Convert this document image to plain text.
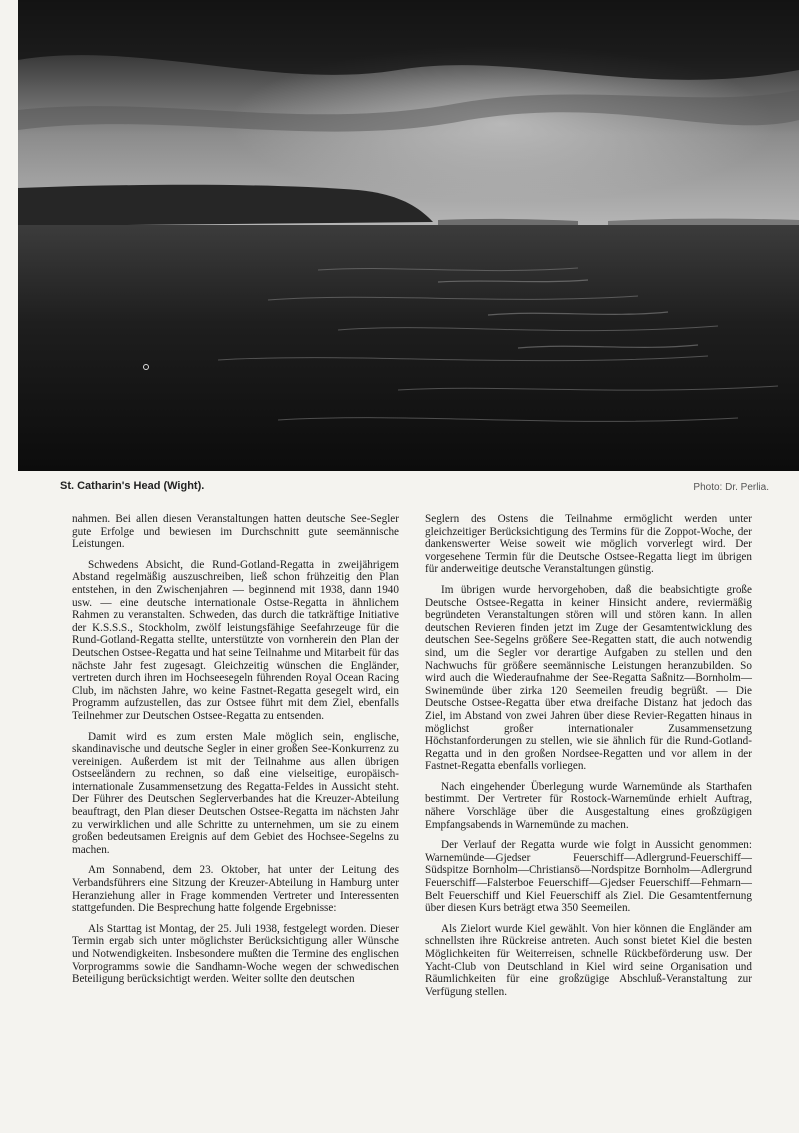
St. Catharin's Head (Wight).	Photo: Dr. Perlia.

nahmen. Bei allen diesen Veranstaltungen hatten deutsche See-Segler gute Erfolge und bewiesen im Durchschnitt gute seemännische Leistungen.

Schwedens Absicht, die Rund-Gotland-Regatta in zweijährigem Abstand regelmäßig auszuschreiben, ließ schon frühzeitig den Plan entstehen, in den Zwischenjahren — beginnend mit 1938, dann 1940 usw. — eine deutsche internationale Ostse-Regatta in ähnlichem Rahmen zu veranstalten. Schweden, das durch die tatkräftige Initiative der K.S.S.S., Stockholm, zwölf leistungsfähige Seefahrzeuge für die Rund-Gotland-Regatta stellte, unterstützte von vornherein den Plan der Deutschen Ostsee-Regatta und hat seine Teilnahme und Mitarbeit für das nächste Jahr fest zugesagt. Gleichzeitig wünschen die Engländer, vertreten durch ihren im Hochseesegeln führenden Royal Ocean Racing Club, im nächsten Jahre, wo keine Fastnet-Regatta gesegelt wird, ein Programm aufzustellen, das zur Ostsee führt mit dem Ziel, ebenfalls Teilnehmer zur Deutschen Ostsee-Regatta zu entsenden.

Damit wird es zum ersten Male möglich sein, englische, skandinavische und deutsche Segler in einer großen See-Konkurrenz zu vereinigen. Außerdem ist mit der Teilnahme aus allen übrigen Ostseeländern zu rechnen, so daß eine vielseitige, europäisch-internationale Zusammensetzung des Regatta-Feldes in Aussicht steht. Der Führer des Deutschen Seglerverbandes hat die Kreuzer-Abteilung beauftragt, den Plan dieser Deutschen Ostsee-Regatta im nächsten Jahr zu verwirklichen und alle Schritte zu unternehmen, um sie zu einem großen bedeutsamen Ereignis auf dem Gebiet des Hochsee-Segelns zu machen.

Am Sonnabend, dem 23. Oktober, hat unter der Leitung des Verbandsführers eine Sitzung der Kreuzer-Abteilung in Hamburg unter Heranziehung aller in Frage kommenden Vertreter und Interessenten stattgefunden. Die Besprechung hatte folgende Ergebnisse:

Als Starttag ist Montag, der 25. Juli 1938, festgelegt worden. Dieser Termin ergab sich unter möglichster Berücksichtigung aller Wünsche und Notwendigkeiten. Insbesondere mußten die Termine des englischen Vorprogramms sowie die Sandhamn-Woche wegen der schwedischen Beteiligung berücksichtigt werden. Weiter sollte den deutschen

Seglern des Ostens die Teilnahme ermöglicht werden unter gleichzeitiger Berücksichtigung des Termins für die Zoppot-Woche, der dankenswerter Weise soweit wie möglich vorverlegt wird. Der vorgesehene Termin für die Deutsche Ostsee-Regatta liegt im übrigen für anderweitige deutsche Veranstaltungen günstig.

Im übrigen wurde hervorgehoben, daß die beabsichtigte große Deutsche Ostsee-Regatta in keiner Hinsicht andere, reviermäßig begründeten Veranstaltungen stören will und stören kann. In allen deutschen Revieren finden jetzt im Zuge der Gesamtentwicklung des deutschen See-Segelns größere See-Regatten statt, die auch notwendig sind, um die Segler vor derartige Aufgaben zu stellen und den Nachwuchs für größere seemännische Leistungen heranzubilden. So wird auch die Wiederaufnahme der See-Regatta Saßnitz—Bornholm—Swinemünde über zirka 120 Seemeilen freudig begrüßt. — Die Deutsche Ostsee-Regatta über etwa dreifache Distanz hat jedoch das Ziel, im Abstand von zwei Jahren über diese Revier-Regatten hinaus in möglichst großer internationaler Zusammensetzung Höchstanforderungen zu stellen, wie sie ähnlich für die Rund-Gotland-Regatta und in den großen Nordsee-Regatten und vor allem in der Fastnet-Regatta ebenfalls vorliegen.

Nach eingehender Überlegung wurde Warnemünde als Starthafen bestimmt. Der Vertreter für Rostock-Warnemünde erhielt Auftrag, nähere Vorschläge über die Ausgestaltung eines großzügigen Empfangsabends in Warnemünde zu machen.

Der Verlauf der Regatta wurde wie folgt in Aussicht genommen: Warnemünde—Gjedser Feuerschiff—Adlergrund-Feuerschiff—Südspitze Bornholm—Christiansö—Nordspitze Bornholm—Adlergrund Feuerschiff—Falsterboe Feuerschiff—Gjedser Feuerschiff—Fehmarn—Belt Feuerschiff und Kiel Feuerschiff als Ziel. Die Gesamtentfernung über diesen Kurs beträgt etwa 350 Seemeilen.

Als Zielort wurde Kiel gewählt. Von hier können die Engländer am schnellsten ihre Rückreise antreten. Auch sonst bietet Kiel die besten Möglichkeiten für Weiterreisen, schnelle Rückbeförderung usw. Der Yacht-Club von Deutschland in Kiel wird seine Organisation und Räumlichkeiten für eine großzügige Abschluß-Veranstaltung zur Verfügung stellen.
